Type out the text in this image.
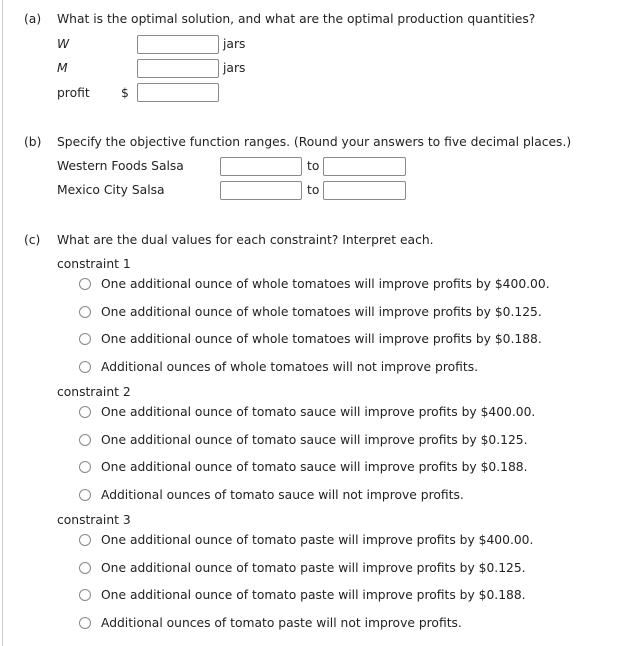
(a) What is the optimal solution, and what are the optimal production quantities?
W	jars
M	jars
profit	$
(b) Specify the objective function ranges. (Round your answers to five decimal places.)
Western Foods Salsa	to
Mexico City Salsa	to
(c) What are the dual values for each constraint? Interpret each.
constraint 1
One additional ounce of whole tomatoes will improve profits by $400.00.
One additional ounce of whole tomatoes will improve profits by $0.125.
One additional ounce of whole tomatoes will improve profits by $0.188.
Additional ounces of whole tomatoes will not improve profits.
constraint 2
One additional ounce of tomato sauce will improve profits by $400.00.
One additional ounce of tomato sauce will improve profits by $0.125.
One additional ounce of tomato sauce will improve profits by $0.188.
Additional ounces of tomato sauce will not improve profits.
constraint 3
One additional ounce of tomato paste will improve profits by $400.00.
One additional ounce of tomato paste will improve profits by $0.125.
One additional ounce of tomato paste will improve profits by $0.188.
Additional ounces of tomato paste will not improve profits.
